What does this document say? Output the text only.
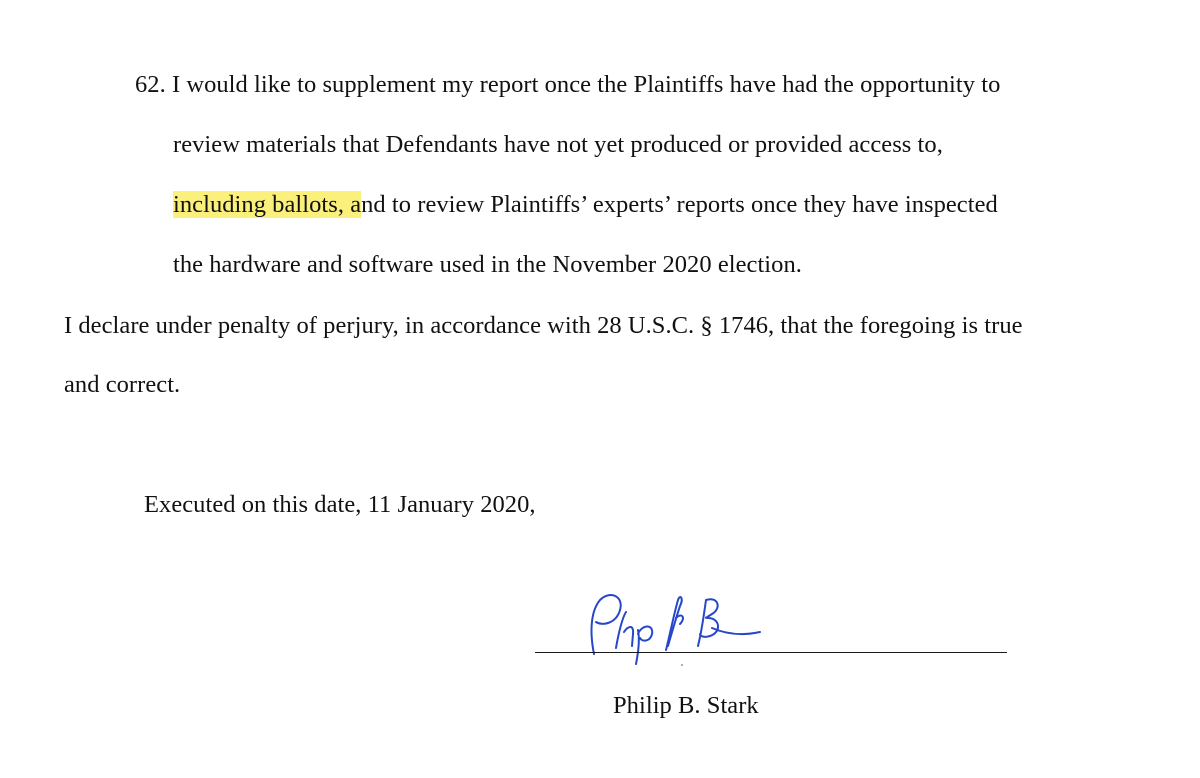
62. I would like to supplement my report once the Plaintiffs have had the opportunity to
review materials that Defendants have not yet produced or provided access to,
including ballots, and to review Plaintiffs’ experts’ reports once they have inspected
the hardware and software used in the November 2020 election.
I declare under penalty of perjury, in accordance with 28 U.S.C. § 1746, that the foregoing is true
and correct.
Executed on this date, 11 January 2020,
Philip B. Stark
